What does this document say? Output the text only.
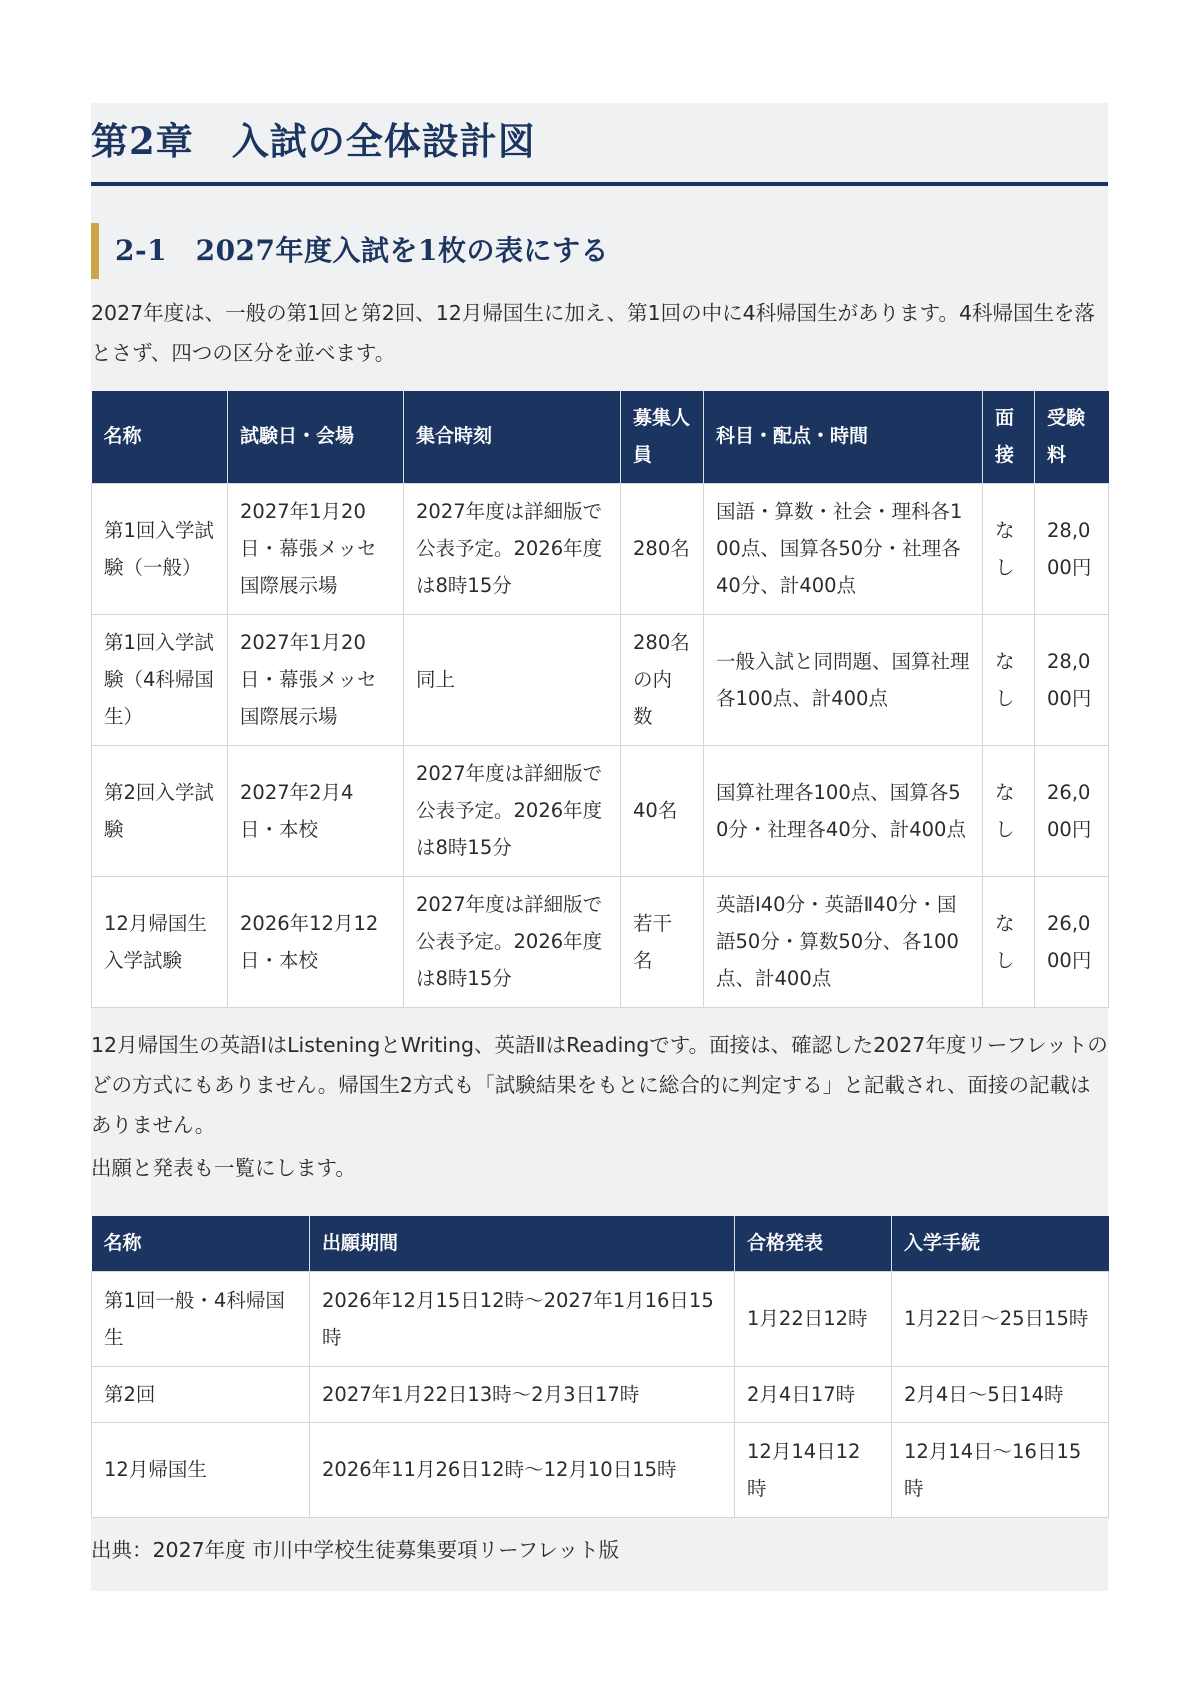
第2章　入試の全体設計図
2-1　2027年度入試を1枚の表にする

2027年度は、一般の第1回と第2回、12月帰国生に加え、第1回の中に4科帰国生があります。4科帰国生を落とさず、四つの区分を並べます。

名称	試験日・会場	集合時刻	募集人員	科目・配点・時間	面接	受験料
第1回入学試験（一般）	2027年1月20日・幕張メッセ国際展示場	2027年度は詳細版で公表予定。2026年度は8時15分	280名	国語・算数・社会・理科各100点、国算各50分・社理各40分、計400点	なし	28,000円
第1回入学試験（4科帰国生）	2027年1月20日・幕張メッセ国際展示場	同上	280名の内数	一般入試と同問題、国算社理各100点、計400点	なし	28,000円
第2回入学試験	2027年2月4日・本校	2027年度は詳細版で公表予定。2026年度は8時15分	40名	国算社理各100点、国算各50分・社理各40分、計400点	なし	26,000円
12月帰国生入学試験	2026年12月12日・本校	2027年度は詳細版で公表予定。2026年度は8時15分	若干名	英語Ⅰ40分・英語Ⅱ40分・国語50分・算数50分、各100点、計400点	なし	26,000円

12月帰国生の英語ⅠはListeningとWriting、英語ⅡはReadingです。面接は、確認した2027年度リーフレットのどの方式にもありません。帰国生2方式も「試験結果をもとに総合的に判定する」と記載され、面接の記載はありません。

出願と発表も一覧にします。

名称	出願期間	合格発表	入学手続
第1回一般・4科帰国生	2026年12月15日12時〜2027年1月16日15時	1月22日12時	1月22日〜25日15時
第2回	2027年1月22日13時〜2月3日17時	2月4日17時	2月4日〜5日14時
12月帰国生	2026年11月26日12時〜12月10日15時	12月14日12時	12月14日〜16日15時

出典：2027年度 市川中学校生徒募集要項リーフレット版
